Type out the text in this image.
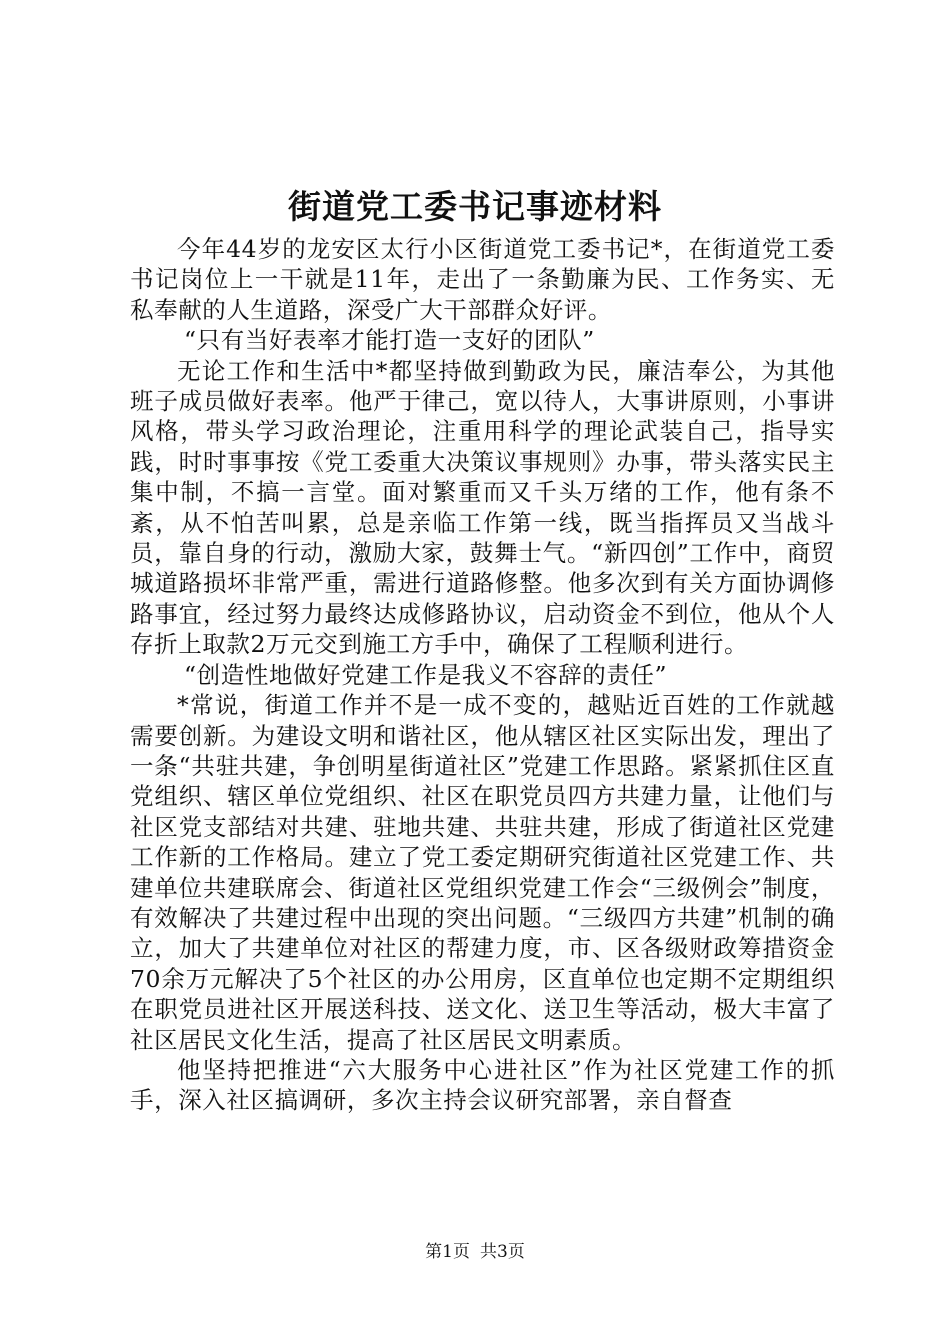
街道党工委书记事迹材料

今年44岁的龙安区太行小区街道党工委书记*，在街道党工委书记岗位上一干就是11年，走出了一条勤廉为民、工作务实、无私奉献的人生道路，深受广大干部群众好评。

“只有当好表率才能打造一支好的团队”

无论工作和生活中*都坚持做到勤政为民，廉洁奉公，为其他班子成员做好表率。他严于律己，宽以待人，大事讲原则，小事讲风格，带头学习政治理论，注重用科学的理论武装自己，指导实践，时时事事按《党工委重大决策议事规则》办事，带头落实民主集中制，不搞一言堂。面对繁重而又千头万绪的工作，他有条不紊，从不怕苦叫累，总是亲临工作第一线，既当指挥员又当战斗员，靠自身的行动，激励大家，鼓舞士气。“新四创”工作中，商贸城道路损坏非常严重，需进行道路修整。他多次到有关方面协调修路事宜，经过努力最终达成修路协议，启动资金不到位，他从个人存折上取款2万元交到施工方手中，确保了工程顺利进行。

“创造性地做好党建工作是我义不容辞的责任”

*常说，街道工作并不是一成不变的，越贴近百姓的工作就越需要创新。为建设文明和谐社区，他从辖区社区实际出发，理出了一条“共驻共建，争创明星街道社区”党建工作思路。紧紧抓住区直党组织、辖区单位党组织、社区在职党员四方共建力量，让他们与社区党支部结对共建、驻地共建、共驻共建，形成了街道社区党建工作新的工作格局。建立了党工委定期研究街道社区党建工作、共建单位共建联席会、街道社区党组织党建工作会“三级例会”制度，有效解决了共建过程中出现的突出问题。“三级四方共建”机制的确立，加大了共建单位对社区的帮建力度，市、区各级财政筹措资金70余万元解决了5个社区的办公用房，区直单位也定期不定期组织在职党员进社区开展送科技、送文化、送卫生等活动，极大丰富了社区居民文化生活，提高了社区居民文明素质。

他坚持把推进“六大服务中心进社区”作为社区党建工作的抓手，深入社区搞调研，多次主持会议研究部署，亲自督查

第1页 共3页
